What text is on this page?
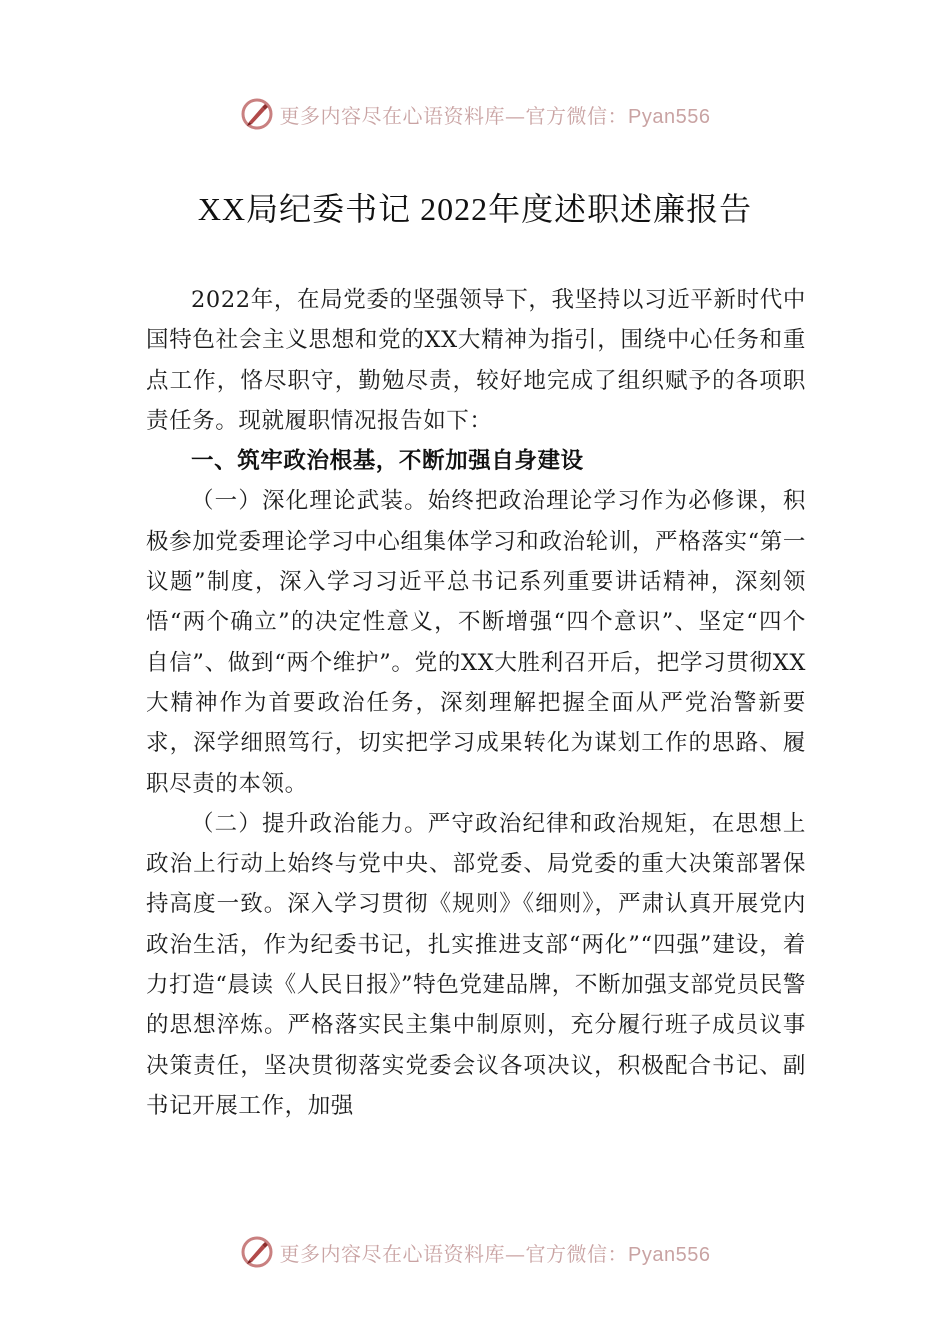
更多内容尽在心语资料库—官方微信：Pyan556
XX局纪委书记 2022年度述职述廉报告

2022年，在局党委的坚强领导下，我坚持以习近平新时代中国特色社会主义思想和党的XX大精神为指引，围绕中心任务和重点工作，恪尽职守，勤勉尽责，较好地完成了组织赋予的各项职责任务。现就履职情况报告如下：

一、筑牢政治根基，不断加强自身建设

（一）深化理论武装。始终把政治理论学习作为必修课，积极参加党委理论学习中心组集体学习和政治轮训，严格落实“第一议题”制度，深入学习习近平总书记系列重要讲话精神，深刻领悟“两个确立”的决定性意义，不断增强“四个意识”、坚定“四个自信”、做到“两个维护”。党的XX大胜利召开后，把学习贯彻XX大精神作为首要政治任务，深刻理解把握全面从严党治警新要求，深学细照笃行，切实把学习成果转化为谋划工作的思路、履职尽责的本领。

（二）提升政治能力。严守政治纪律和政治规矩，在思想上政治上行动上始终与党中央、部党委、局党委的重大决策部署保持高度一致。深入学习贯彻《规则》《细则》，严肃认真开展党内政治生活，作为纪委书记，扎实推进支部“两化”“四强”建设，着力打造“晨读《人民日报》”特色党建品牌，不断加强支部党员民警的思想淬炼。严格落实民主集中制原则，充分履行班子成员议事决策责任，坚决贯彻落实党委会议各项决议，积极配合书记、副书记开展工作，加强

更多内容尽在心语资料库—官方微信：Pyan556
